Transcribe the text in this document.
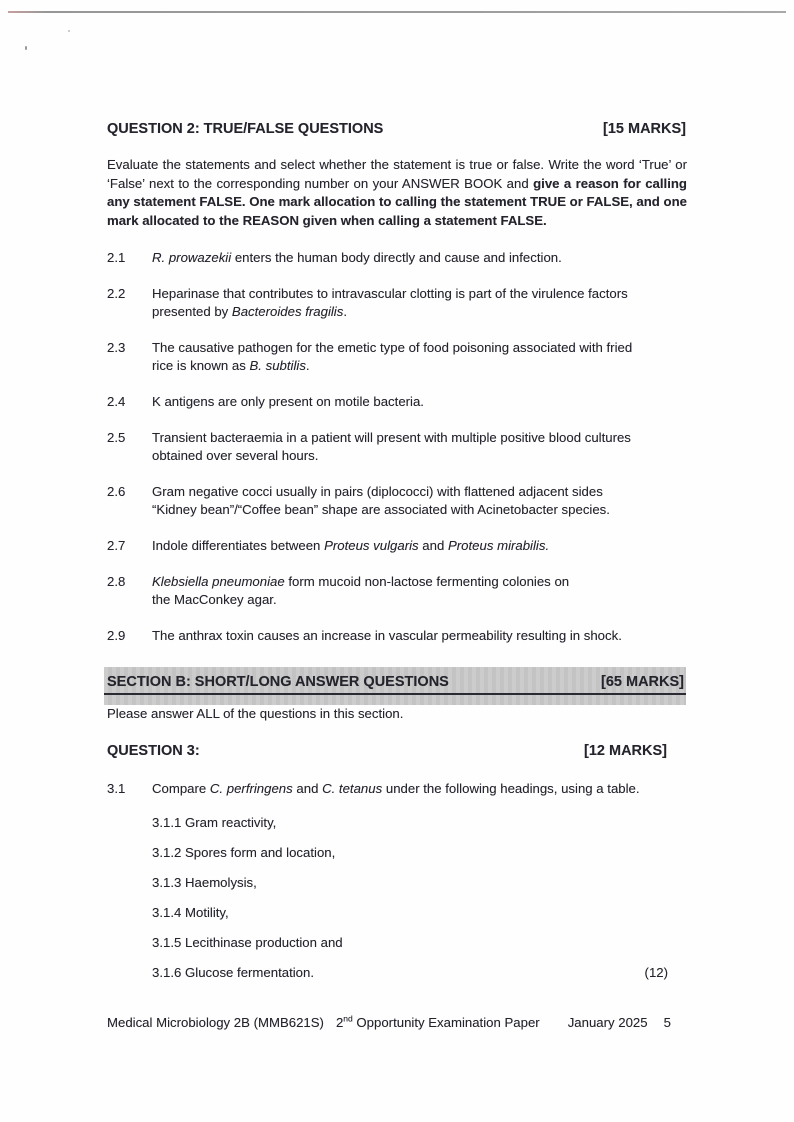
QUESTION 2: TRUE/FALSE QUESTIONS	[15 MARKS]

Evaluate the statements and select whether the statement is true or false. Write the word ‘True’ or ‘False’ next to the corresponding number on your ANSWER BOOK and give a reason for calling any statement FALSE. One mark allocation to calling the statement TRUE or FALSE, and one mark allocated to the REASON given when calling a statement FALSE.

2.1	R. prowazekii enters the human body directly and cause and infection.
2.2	Heparinase that contributes to intravascular clotting is part of the virulence factors
presented by Bacteroides fragilis.
2.3	The causative pathogen for the emetic type of food poisoning associated with fried
rice is known as B. subtilis.
2.4	K antigens are only present on motile bacteria.
2.5	Transient bacteraemia in a patient will present with multiple positive blood cultures
obtained over several hours.
2.6	Gram negative cocci usually in pairs (diplococci) with flattened adjacent sides
“Kidney bean”/“Coffee bean” shape are associated with Acinetobacter species.
2.7	Indole differentiates between Proteus vulgaris and Proteus mirabilis.
2.8	Klebsiella pneumoniae form mucoid non-lactose fermenting colonies on
the MacConkey agar.
2.9	The anthrax toxin causes an increase in vascular permeability resulting in shock.
SECTION B: SHORT/LONG ANSWER QUESTIONS	[65 MARKS]

Please answer ALL of the questions in this section.

QUESTION 3:	[12 MARKS]
3.1	Compare C. perfringens and C. tetanus under the following headings, using a table.
3.1.1 Gram reactivity,
3.1.2 Spores form and location,
3.1.3 Haemolysis,
3.1.4 Motility,
3.1.5 Lecithinase production and
3.1.6 Glucose fermentation.	(12)
Medical Microbiology 2B (MMB621S) 2nd Opportunity Examination Paper January 2025 5
